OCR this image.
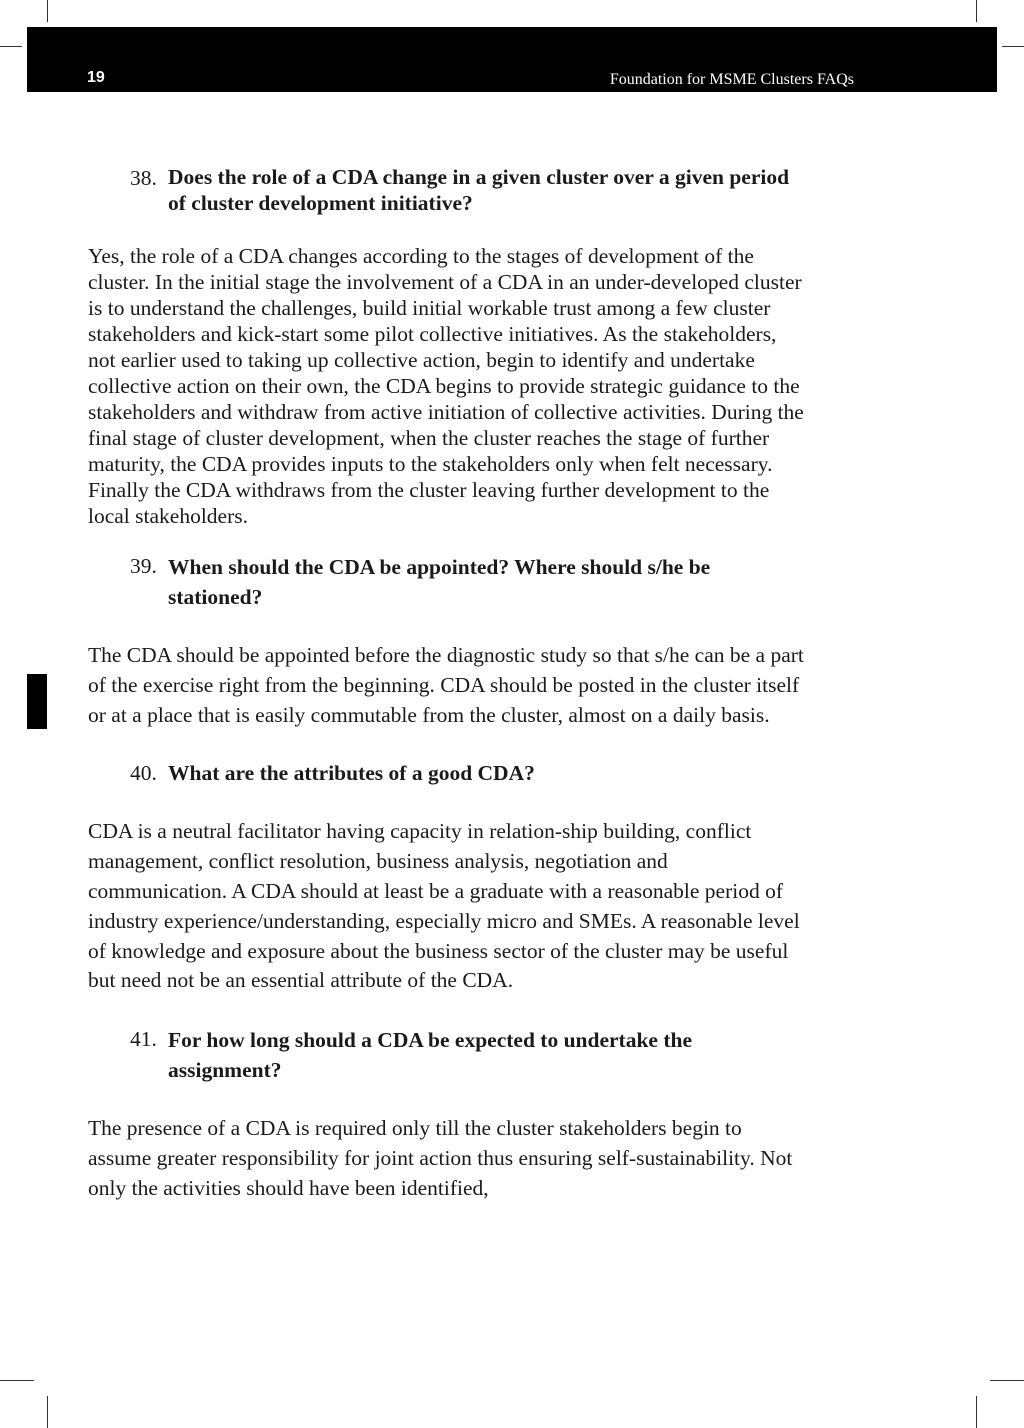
19	Foundation for MSME Clusters FAQs
38. Does the role of a CDA change in a given cluster over a given period of cluster development initiative?

Yes, the role of a CDA changes according to the stages of development of the cluster. In the initial stage the involvement of a CDA in an under-developed cluster is to understand the challenges, build initial workable trust among a few cluster stakeholders and kick-start some pilot collective initiatives. As the stakeholders, not earlier used to taking up collective action, begin to identify and undertake collective action on their own, the CDA begins to provide strategic guidance to the stakeholders and withdraw from active initiation of collective activities. During the final stage of cluster development, when the cluster reaches the stage of further maturity, the CDA provides inputs to the stakeholders only when felt necessary. Finally the CDA withdraws from the cluster leaving further development to the local stakeholders.

39. When should the CDA be appointed? Where should s/he be stationed?

The CDA should be appointed before the diagnostic study so that s/he can be a part of the exercise right from the beginning. CDA should be posted in the cluster itself or at a place that is easily commutable from the cluster, almost on a daily basis.

40. What are the attributes of a good CDA?

CDA is a neutral facilitator having capacity in relation-ship building, conflict management, conflict resolution, business analysis, negotiation and communication. A CDA should at least be a graduate with a reasonable period of industry experience/understanding, especially micro and SMEs. A reasonable level of knowledge and exposure about the business sector of the cluster may be useful but need not be an essential attribute of the CDA.

41. For how long should a CDA be expected to undertake the assignment?

The presence of a CDA is required only till the cluster stakeholders begin to assume greater responsibility for joint action thus ensuring self-sustainability. Not only the activities should have been identified,
